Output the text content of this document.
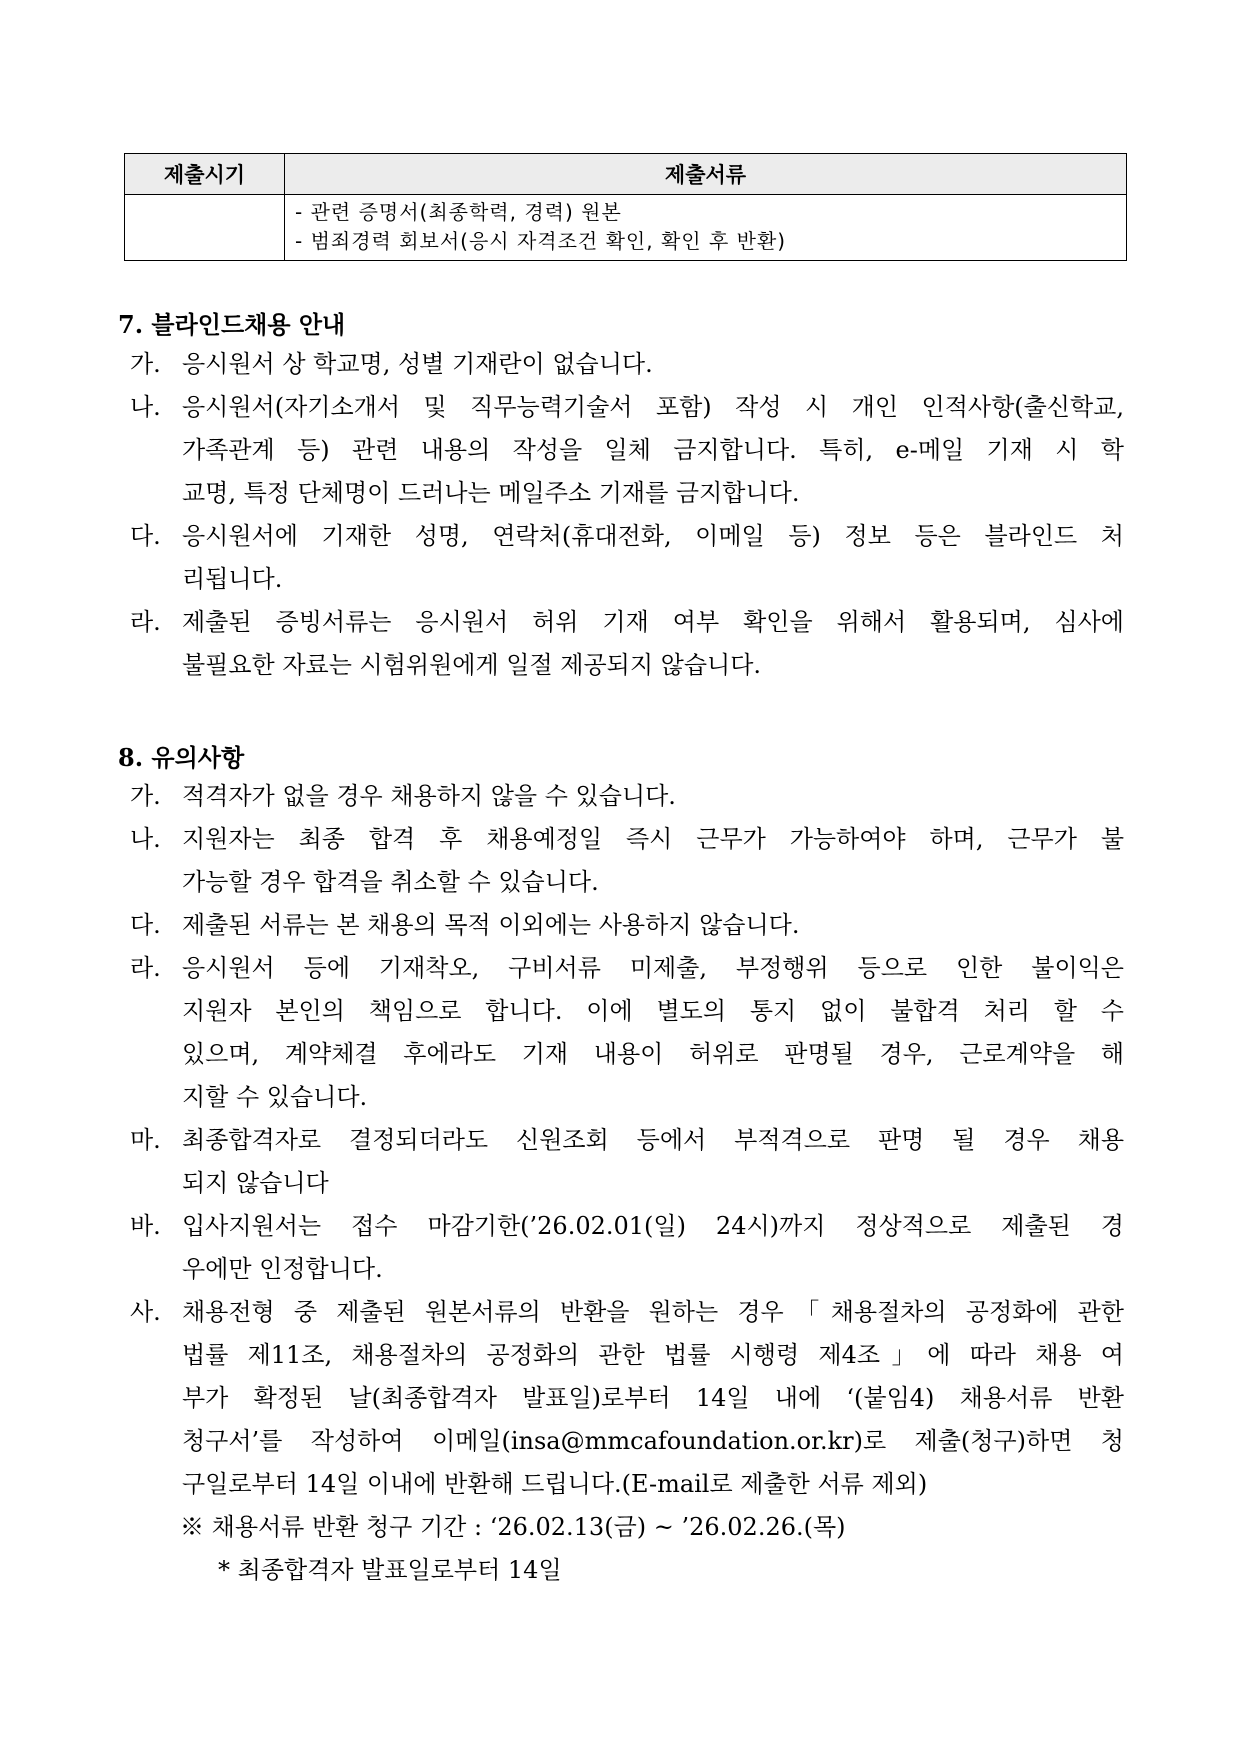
제출시기	제출서류

	- 관련 증명서(최종학력, 경력) 원본
- 범죄경력 회보서(응시 자격조건 확인, 확인 후 반환)
7. 블라인드채용 안내
가. 응시원서 상 학교명, 성별 기재란이 없습니다.
나. 응시원서(자기소개서 및 직무능력기술서 포함) 작성 시 개인 인적사항(출신학교,
가족관계 등) 관련 내용의 작성을 일체 금지합니다. 특히, e-메일 기재 시 학
교명, 특정 단체명이 드러나는 메일주소 기재를 금지합니다.
다. 응시원서에 기재한 성명, 연락처(휴대전화, 이메일 등) 정보 등은 블라인드 처
리됩니다.
라. 제출된 증빙서류는 응시원서 허위 기재 여부 확인을 위해서 활용되며, 심사에
불필요한 자료는 시험위원에게 일절 제공되지 않습니다.
8. 유의사항
가. 적격자가 없을 경우 채용하지 않을 수 있습니다.
나. 지원자는 최종 합격 후 채용예정일 즉시 근무가 가능하여야 하며, 근무가 불
가능할 경우 합격을 취소할 수 있습니다.
다. 제출된 서류는 본 채용의 목적 이외에는 사용하지 않습니다.
라. 응시원서 등에 기재착오, 구비서류 미제출, 부정행위 등으로 인한 불이익은
지원자 본인의 책임으로 합니다. 이에 별도의 통지 없이 불합격 처리 할 수
있으며, 계약체결 후에라도 기재 내용이 허위로 판명될 경우, 근로계약을 해
지할 수 있습니다.
마. 최종합격자로 결정되더라도 신원조회 등에서 부적격으로 판명 될 경우 채용
되지 않습니다
바. 입사지원서는 접수 마감기한(’26.02.01(일) 24시)까지 정상적으로 제출된 경
우에만 인정합니다.
사. 채용전형 중 제출된 원본서류의 반환을 원하는 경우「채용절차의 공정화에 관한
법률 제11조, 채용절차의 공정화의 관한 법률 시행령 제4조」에 따라 채용 여
부가 확정된 날(최종합격자 발표일)로부터 14일 내에 ‘(붙임4) 채용서류 반환
청구서’를 작성하여 이메일(insa@mmcafoundation.or.kr)로 제출(청구)하면 청
구일로부터 14일 이내에 반환해 드립니다.(E-mail로 제출한 서류 제외)
※ 채용서류 반환 청구 기간 : ‘26.02.13(금) ~ ’26.02.26.(목)
* 최종합격자 발표일로부터 14일
